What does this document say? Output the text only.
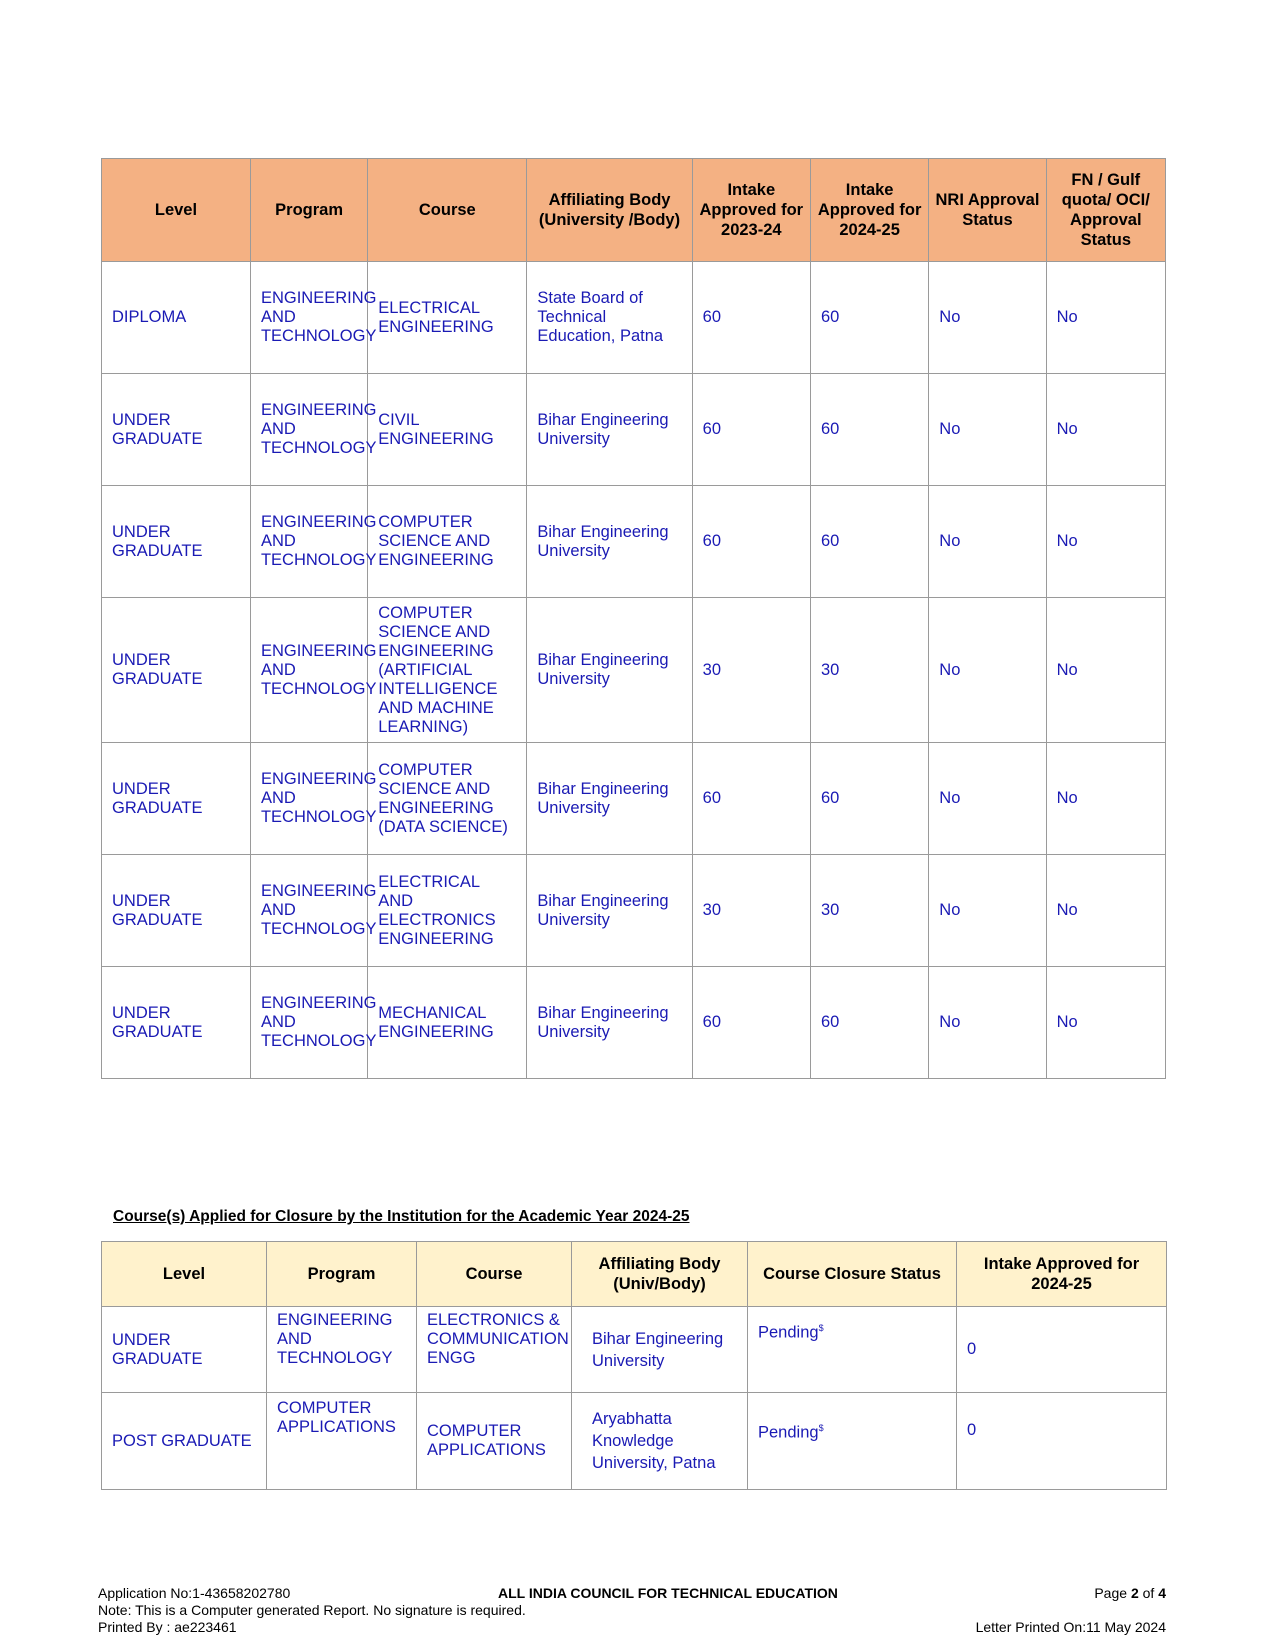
Level	Program	Course	Affiliating Body (University /Body)	Intake Approved for 2023-24	Intake Approved for 2024-25	NRI Approval Status	FN / Gulf quota/ OCI/ Approval Status
DIPLOMA	ENGINEERING AND TECHNOLOGY	ELECTRICAL ENGINEERING	State Board of Technical Education, Patna	60	60	No	No
UNDER GRADUATE	ENGINEERING AND TECHNOLOGY	CIVIL ENGINEERING	Bihar Engineering University	60	60	No	No
UNDER GRADUATE	ENGINEERING AND TECHNOLOGY	COMPUTER SCIENCE AND ENGINEERING	Bihar Engineering University	60	60	No	No
UNDER GRADUATE	ENGINEERING AND TECHNOLOGY	COMPUTER SCIENCE AND ENGINEERING (ARTIFICIAL INTELLIGENCE AND MACHINE LEARNING)	Bihar Engineering University	30	30	No	No
UNDER GRADUATE	ENGINEERING AND TECHNOLOGY	COMPUTER SCIENCE AND ENGINEERING (DATA SCIENCE)	Bihar Engineering University	60	60	No	No
UNDER GRADUATE	ENGINEERING AND TECHNOLOGY	ELECTRICAL AND ELECTRONICS ENGINEERING	Bihar Engineering University	30	30	No	No
UNDER GRADUATE	ENGINEERING AND TECHNOLOGY	MECHANICAL ENGINEERING	Bihar Engineering University	60	60	No	No
Course(s) Applied for Closure by the Institution for the Academic Year 2024-25
Level	Program	Course	Affiliating Body (Univ/Body)	Course Closure Status	Intake Approved for 2024-25
UNDER GRADUATE	ENGINEERING AND TECHNOLOGY	ELECTRONICS & COMMUNICATION ENGG	Bihar Engineering University	Pending$	0
POST GRADUATE	COMPUTER APPLICATIONS	COMPUTER APPLICATIONS	Aryabhatta Knowledge University, Patna	Pending$	0
Application No:1-43658202780
Note: This is a Computer generated Report. No signature is required.
Printed By : ae223461
ALL INDIA COUNCIL FOR TECHNICAL EDUCATION	Page 2 of 4
Letter Printed On:11 May 2024
